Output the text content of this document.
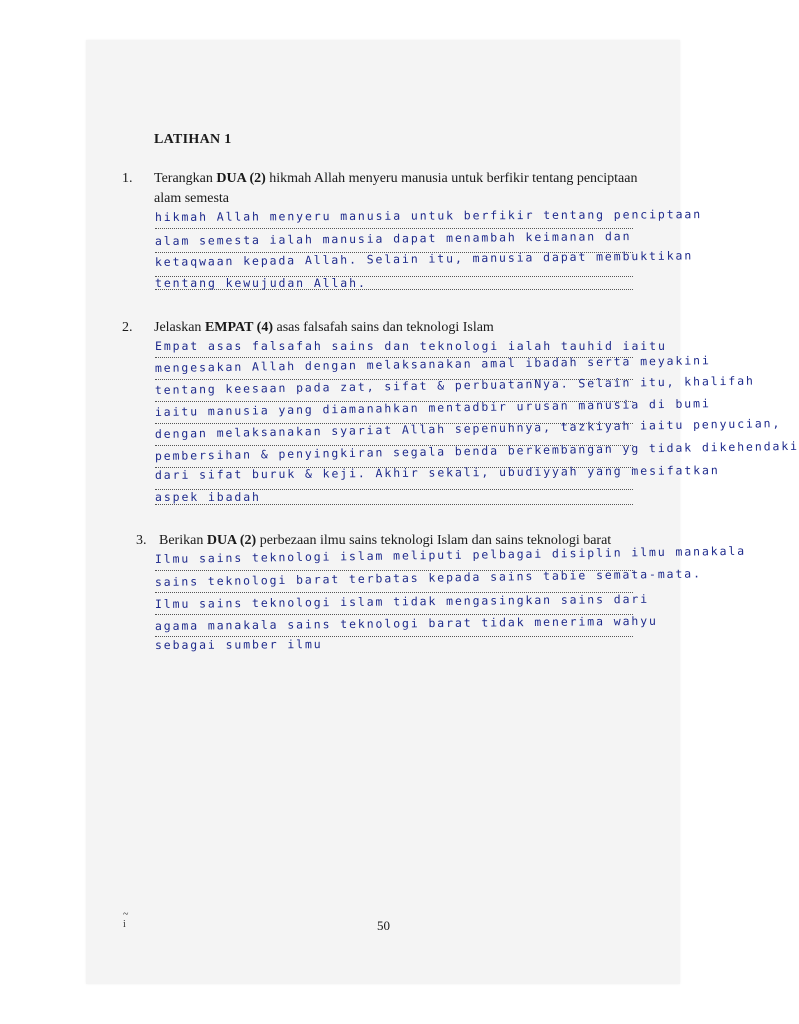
LATIHAN 1
1.	Terangkan DUA (2) hikmah Allah menyeru manusia untuk berfikir tentang penciptaan
alam semesta
hikmah Allah menyeru manusia untuk berfikir tentang penciptaan
alam semesta ialah manusia dapat menambah keimanan dan
ketaqwaan kepada Allah. Selain itu, manusia dapat membuktikan
tentang kewujudan Allah.
2.	Jelaskan EMPAT (4) asas falsafah sains dan teknologi Islam
Empat asas falsafah sains dan teknologi ialah tauhid iaitu
mengesakan Allah dengan melaksanakan amal ibadah serta meyakini
tentang keesaan pada zat, sifat & perbuatanNya. Selain itu, khalifah
iaitu manusia yang diamanahkan mentadbir urusan manusia di bumi
dengan melaksanakan syariat Allah sepenuhnya, tazkiyah iaitu penyucian,
pembersihan & penyingkiran segala benda berkembangan yg tidak dikehendaki
dari sifat buruk & keji. Akhir sekali, ubudiyyah yang mesifatkan
aspek ibadah
3. Berikan DUA (2) perbezaan ilmu sains teknologi Islam dan sains teknologi barat
Ilmu sains teknologi islam meliputi pelbagai disiplin ilmu manakala
sains teknologi barat terbatas kepada sains tabie semata-mata.
Ilmu sains teknologi islam tidak mengasingkan sains dari
agama manakala sains teknologi barat tidak menerima wahyu
sebagai sumber ilmu
~
i	50
